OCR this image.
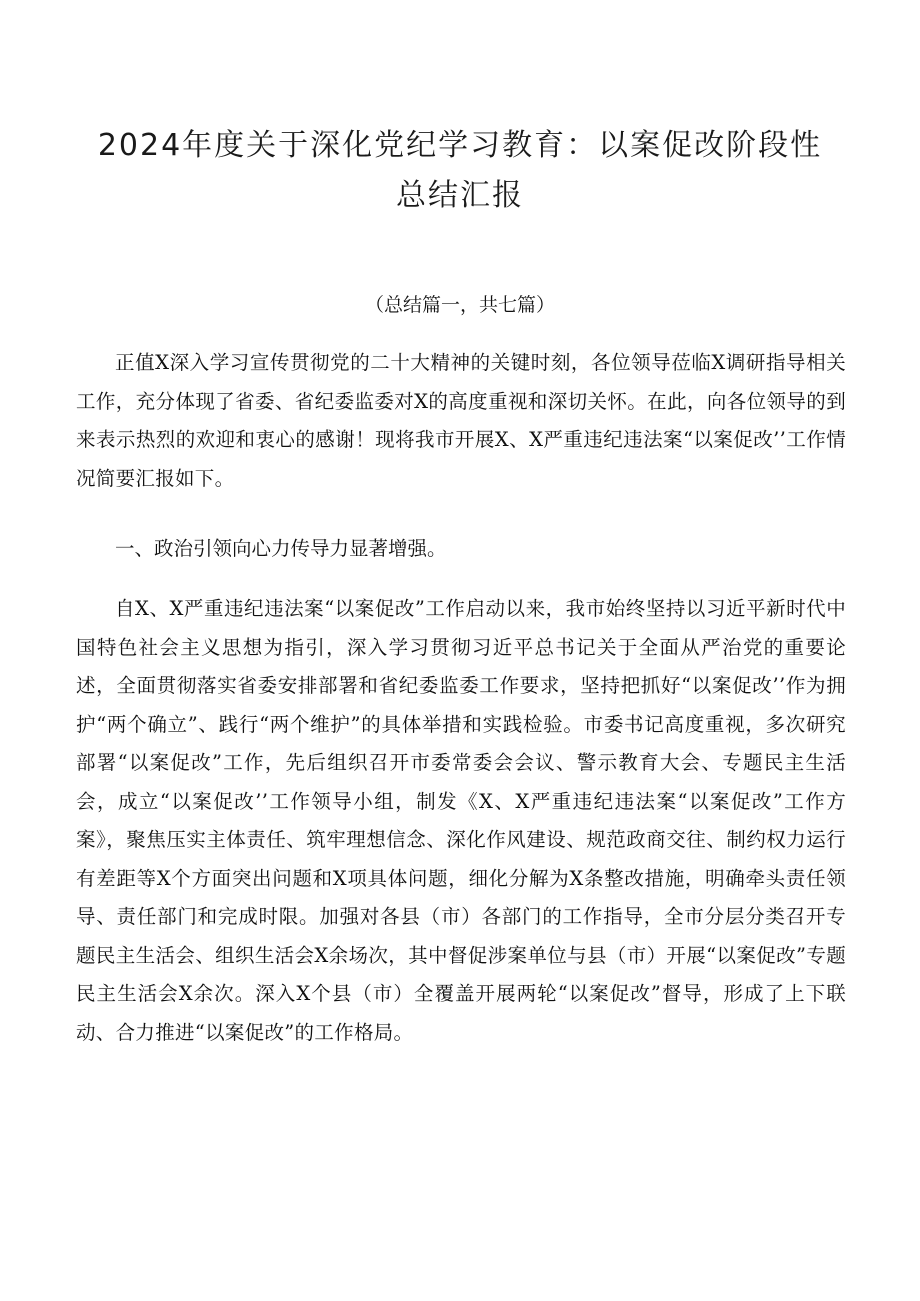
2024年度关于深化党纪学习教育：以案促改阶段性
总结汇报

（总结篇一，共七篇）

正值X深入学习宣传贯彻党的二十大精神的关键时刻，各位领导莅临X调研指导相关工作，充分体现了省委、省纪委监委对X的高度重视和深切关怀。在此，向各位领导的到来表示热烈的欢迎和衷心的感谢！现将我市开展X、X严重违纪违法案“以案促改’’工作情况简要汇报如下。

一、政治引领向心力传导力显著增强。

自X、X严重违纪违法案“以案促改”工作启动以来，我市始终坚持以习近平新时代中国特色社会主义思想为指引，深入学习贯彻习近平总书记关于全面从严治党的重要论述，全面贯彻落实省委安排部署和省纪委监委工作要求，坚持把抓好“以案促改’’作为拥护“两个确立”、践行“两个维护”的具体举措和实践检验。市委书记高度重视，多次研究部署“以案促改”工作，先后组织召开市委常委会会议、警示教育大会、专题民主生活会，成立“以案促改’’工作领导小组，制发《X、X严重违纪违法案“以案促改”工作方案》，聚焦压实主体责任、筑牢理想信念、深化作风建设、规范政商交往、制约权力运行有差距等X个方面突出问题和X项具体问题，细化分解为X条整改措施，明确牵头责任领导、责任部门和完成时限。加强对各县（市）各部门的工作指导，全市分层分类召开专题民主生活会、组织生活会X余场次，其中督促涉案单位与县（市）开展“以案促改”专题民主生活会X余次。深入X个县（市）全覆盖开展两轮“以案促改”督导，形成了上下联动、合力推进“以案促改”的工作格局。
